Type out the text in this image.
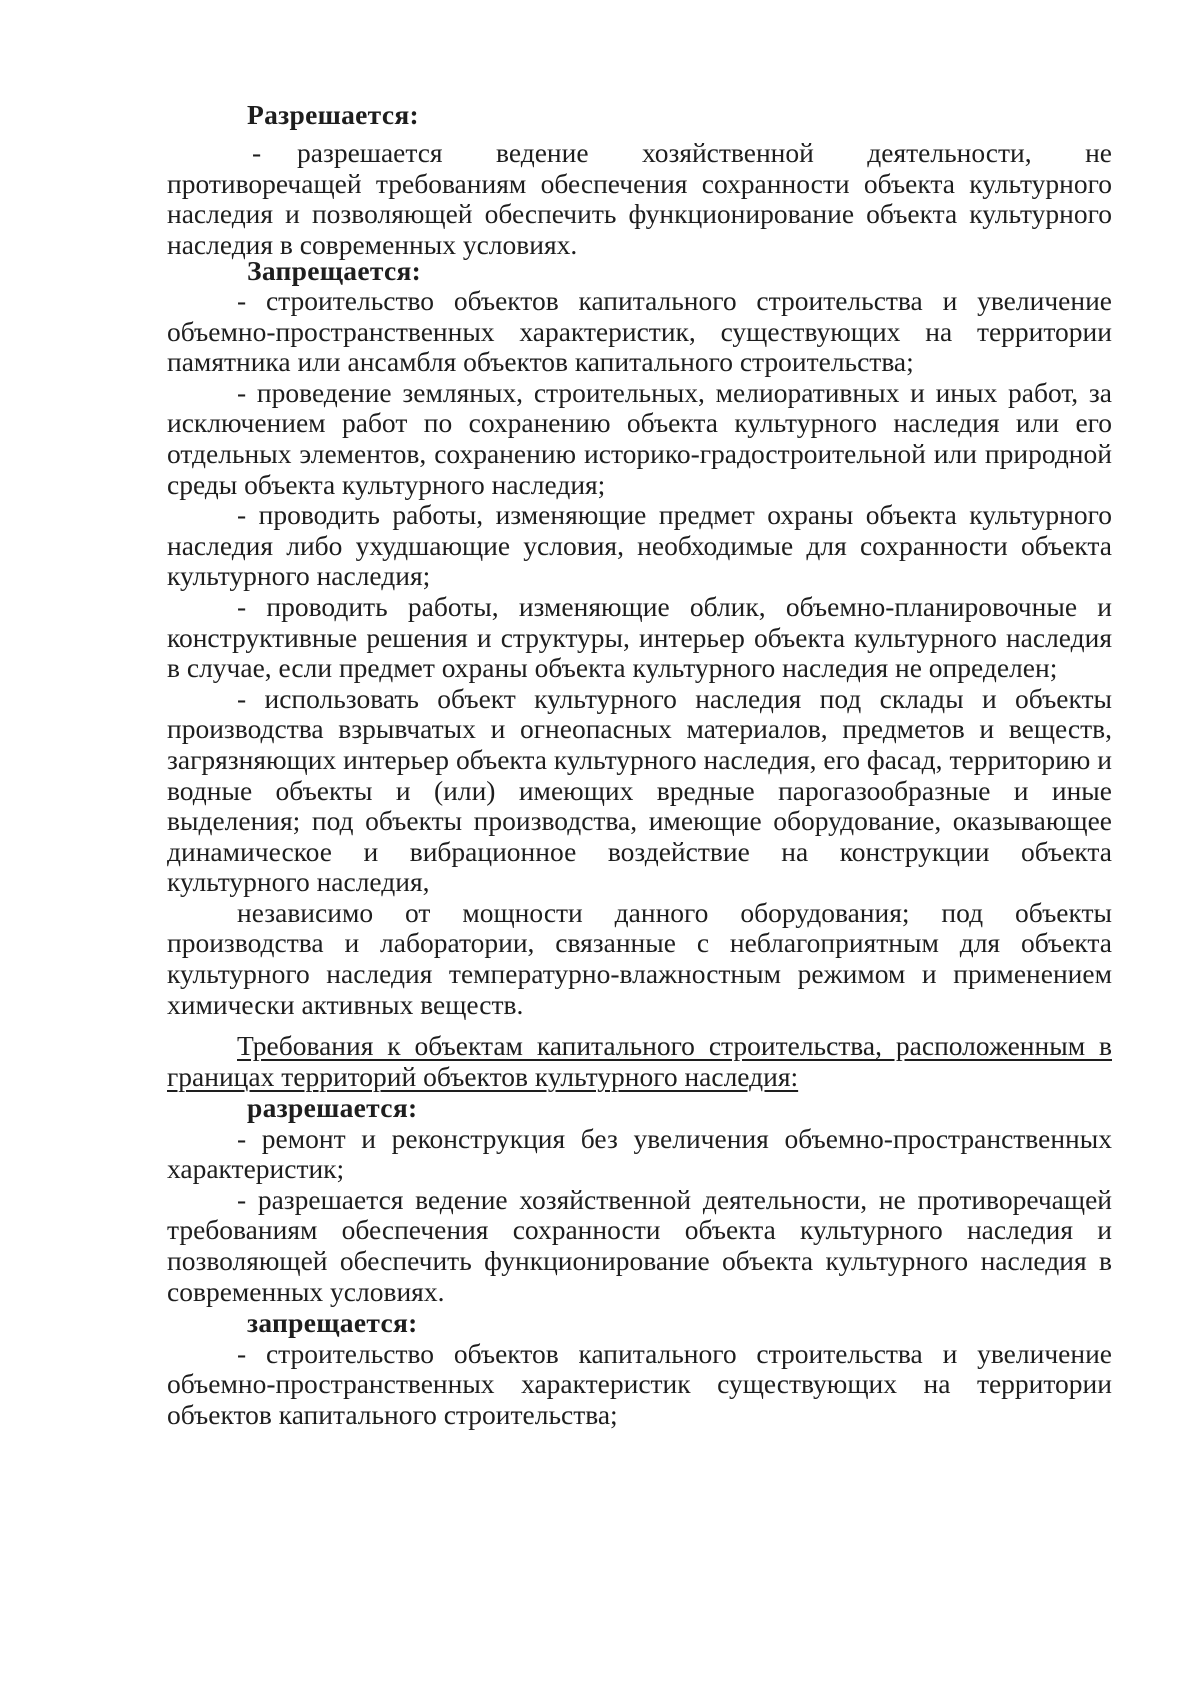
Разрешается:

- разрешается ведение хозяйственной деятельности, не противоречащей требованиям обеспечения сохранности объекта культурного наследия и позволяющей обеспечить функционирование объекта культурного наследия в современных условиях.

Запрещается:

- строительство объектов капитального строительства и увеличение объемно-пространственных характеристик, существующих на территории памятника или ансамбля объектов капитального строительства;

- проведение земляных, строительных, мелиоративных и иных работ, за исключением работ по сохранению объекта культурного наследия или его отдельных элементов, сохранению историко-градостроительной или природной среды объекта культурного наследия;

- проводить работы, изменяющие предмет охраны объекта культурного наследия либо ухудшающие условия, необходимые для сохранности объекта культурного наследия;

- проводить работы, изменяющие облик, объемно-планировочные и конструктивные решения и структуры, интерьер объекта культурного наследия в случае, если предмет охраны объекта культурного наследия не определен;

- использовать объект культурного наследия под склады и объекты производства взрывчатых и огнеопасных материалов, предметов и веществ, загрязняющих интерьер объекта культурного наследия, его фасад, территорию и водные объекты и (или) имеющих вредные парогазообразные и иные выделения; под объекты производства, имеющие оборудование, оказывающее динамическое и вибрационное воздействие на конструкции объекта культурного наследия,

независимо от мощности данного оборудования; под объекты производства и лаборатории, связанные с неблагоприятным для объекта культурного наследия температурно-влажностным режимом и применением химически активных веществ.

Требования к объектам капитального строительства, расположенным в границах территорий объектов культурного наследия:

разрешается:

- ремонт и реконструкция без увеличения объемно-пространственных характеристик;

- разрешается ведение хозяйственной деятельности, не противоречащей требованиям обеспечения сохранности объекта культурного наследия и позволяющей обеспечить функционирование объекта культурного наследия в современных условиях.

запрещается:

- строительство объектов капитального строительства и увеличение объемно-пространственных характеристик существующих на территории объектов капитального строительства;
